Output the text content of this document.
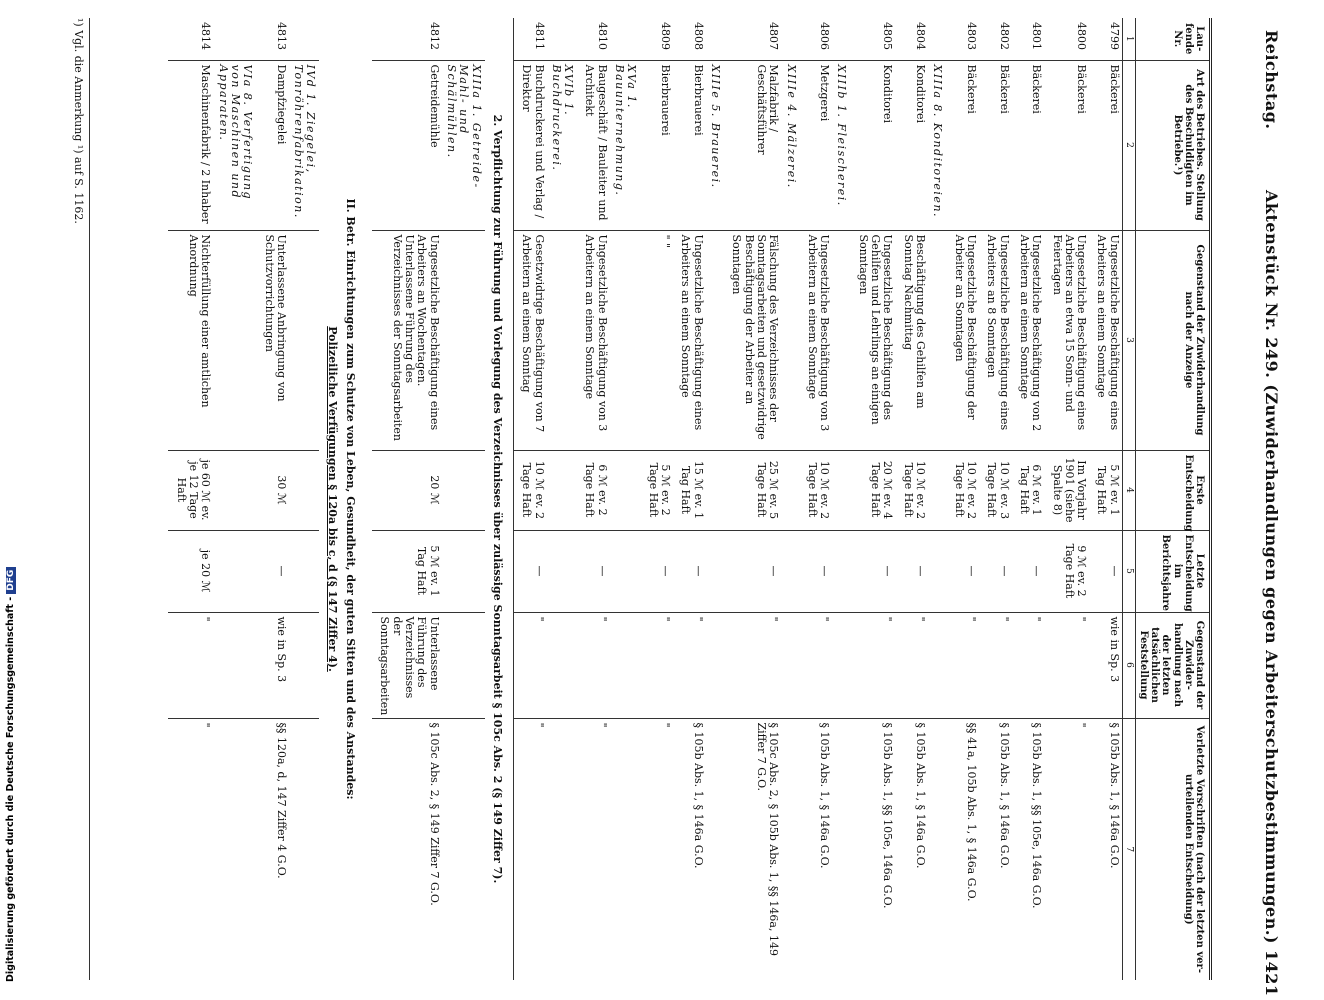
Reichstag.
Aktenstück Nr. 249. (Zuwiderhandlungen gegen Arbeiterschutzbestimmungen.)
1421
Lau-fende Nr.	Art des Betriebes. Stellung des Beschuldigten im Betriebe.¹)	Gegenstand der Zuwiderhandlung nach der Anzeige	Erste Entscheidung	Letzte Entscheidung im Berichtsjahre	Gegenstand der Zuwider-handlung nach der letzten tatsächlichen Feststellung	Verletzte Vorschriften (nach der letzten ver-urteilenden Entscheidung)
1	2	3	4	5	6	7
4799	Bäckerei	Ungesetzliche Beschäftigung eines Arbeiters an einem Sonntage	5 ℳ ev. 1 Tag Haft	—	wie in Sp. 3	§ 105b Abs. 1, § 146a G.O.
4800	Bäckerei	Ungesetzliche Beschäftigung eines Arbeiters an etwa 15 Sonn- und Feiertagen	Im Vorjahr 1901 (siehe Spalte 8)	9 ℳ ev. 2 Tage Haft	"	"
4801	Bäckerei	Ungesetzliche Beschäftigung von 2 Arbeitern an einem Sonntage	6 ℳ ev. 1 Tag Haft	—	"	§ 105b Abs. 1, §§ 105e, 146a G.O.
4802	Bäckerei	Ungesetzliche Beschäftigung eines Arbeiters an 8 Sonntagen	10 ℳ ev. 3 Tage Haft	—	"	§ 105b Abs. 1, § 146a G.O.
4803	Bäckerei	Ungesetzliche Beschäftigung der Arbeiter an Sonntagen	10 ℳ ev. 2 Tage Haft	—	"	§§ 41a, 105b Abs. 1, § 146a G.O.
	XIIIa 8. Konditoreien.					
4804	Konditorei	Beschäftigung des Gehilfen am Sonntag Nachmittag	10 ℳ ev. 2 Tage Haft	—	"	§ 105b Abs. 1, § 146a G.O.
4805	Konditorei	Ungesetzliche Beschäftigung des Gehilfen und Lehrlings an einigen Sonntagen	20 ℳ ev. 4 Tage Haft	—	"	§ 105b Abs. 1, §§ 105e, 146a G.O.
	XIIIb 1. Fleischerei.					
4806	Metzgerei	Ungesetzliche Beschäftigung von 3 Arbeitern an einem Sonntage	10 ℳ ev. 2 Tage Haft	—	"	§ 105b Abs. 1, § 146a G.O.
	XIIIe 4. Mälzerei.					
4807	Malzfabrik / Geschäftsführer	Fälschung des Verzeichnisses der Sonntagsarbeiten und gesetzwidrige Beschäftigung der Arbeiter an Sonntagen	25 ℳ ev. 5 Tage Haft	—	"	§ 105c Abs. 2, § 105b Abs. 1, §§ 146a, 149 Ziffer 7 G.O.
	XIIIe 5. Brauerei.					
4808	Bierbrauerei	Ungesetzliche Beschäftigung eines Arbeiters an einem Sonntage	15 ℳ ev. 1 Tag Haft	—	"	§ 105b Abs. 1, § 146a G.O.
4809	Bierbrauerei	" "	5 ℳ ev. 2 Tage Haft	—	"	"
	XVa 1. Bauunternehmung.					
4810	Baugeschäft / Bauleiter und Architekt	Ungesetzliche Beschäftigung von 3 Arbeitern an einem Sonntage	6 ℳ ev. 2 Tage Haft	—	"	"
	XVIb 1. Buchdruckerei.					
4811	Buchdruckerei und Verlag / Direktor	Gesetzwidrige Beschäftigung von 7 Arbeitern an einem Sonntag	10 ℳ ev. 2 Tage Haft	—	"	"
2. Verpflichtung zur Führung und Vorlegung des Verzeichnisses über zulässige Sonntagsarbeit § 105c Abs. 2 (§ 149 Ziffer 7).						
	XIIIa 1. Getreide-Mahl- und Schälmühlen.					
4812	Getreidemühle	Ungesetzliche Beschäftigung eines Arbeiters an Wochentagen. Unterlassene Führung des Verzeichnisses der Sonntagsarbeiten	20 ℳ	5 ℳ ev. 1 Tag Haft	Unterlassene Führung des Verzeichnisses der Sonntagsarbeiten	§ 105c Abs. 2, § 149 Ziffer 7 G.O.
II. Betr. Einrichtungen zum Schutze von Leben, Gesundheit, der guten Sitten und des Anstandes:						
Polizeiliche Verfügungen § 120a bis c, d (§ 147 Ziffer 4).						
	IVd 1. Ziegelei, Tonröhrenfabrikation.					
4813	Dampfziegelei	Unterlassene Anbringung von Schutzvorrichtungen	30 ℳ	—	wie in Sp. 3	§§ 120a, d, 147 Ziffer 4 G.O.
	VIa 8. Verfertigung von Maschinen und Apparaten.					
4814	Maschinenfabrik / 2 Inhaber	Nichterfüllung einer amtlichen Anordnung	je 60 ℳ ev. je 12 Tage Haft	je 20 ℳ	"	"
¹) Vgl. die Anmerkung ¹) auf S. 1162.
Digitalisierung gefördert durch die Deutsche Forschungsgemeinschaft -DFG
